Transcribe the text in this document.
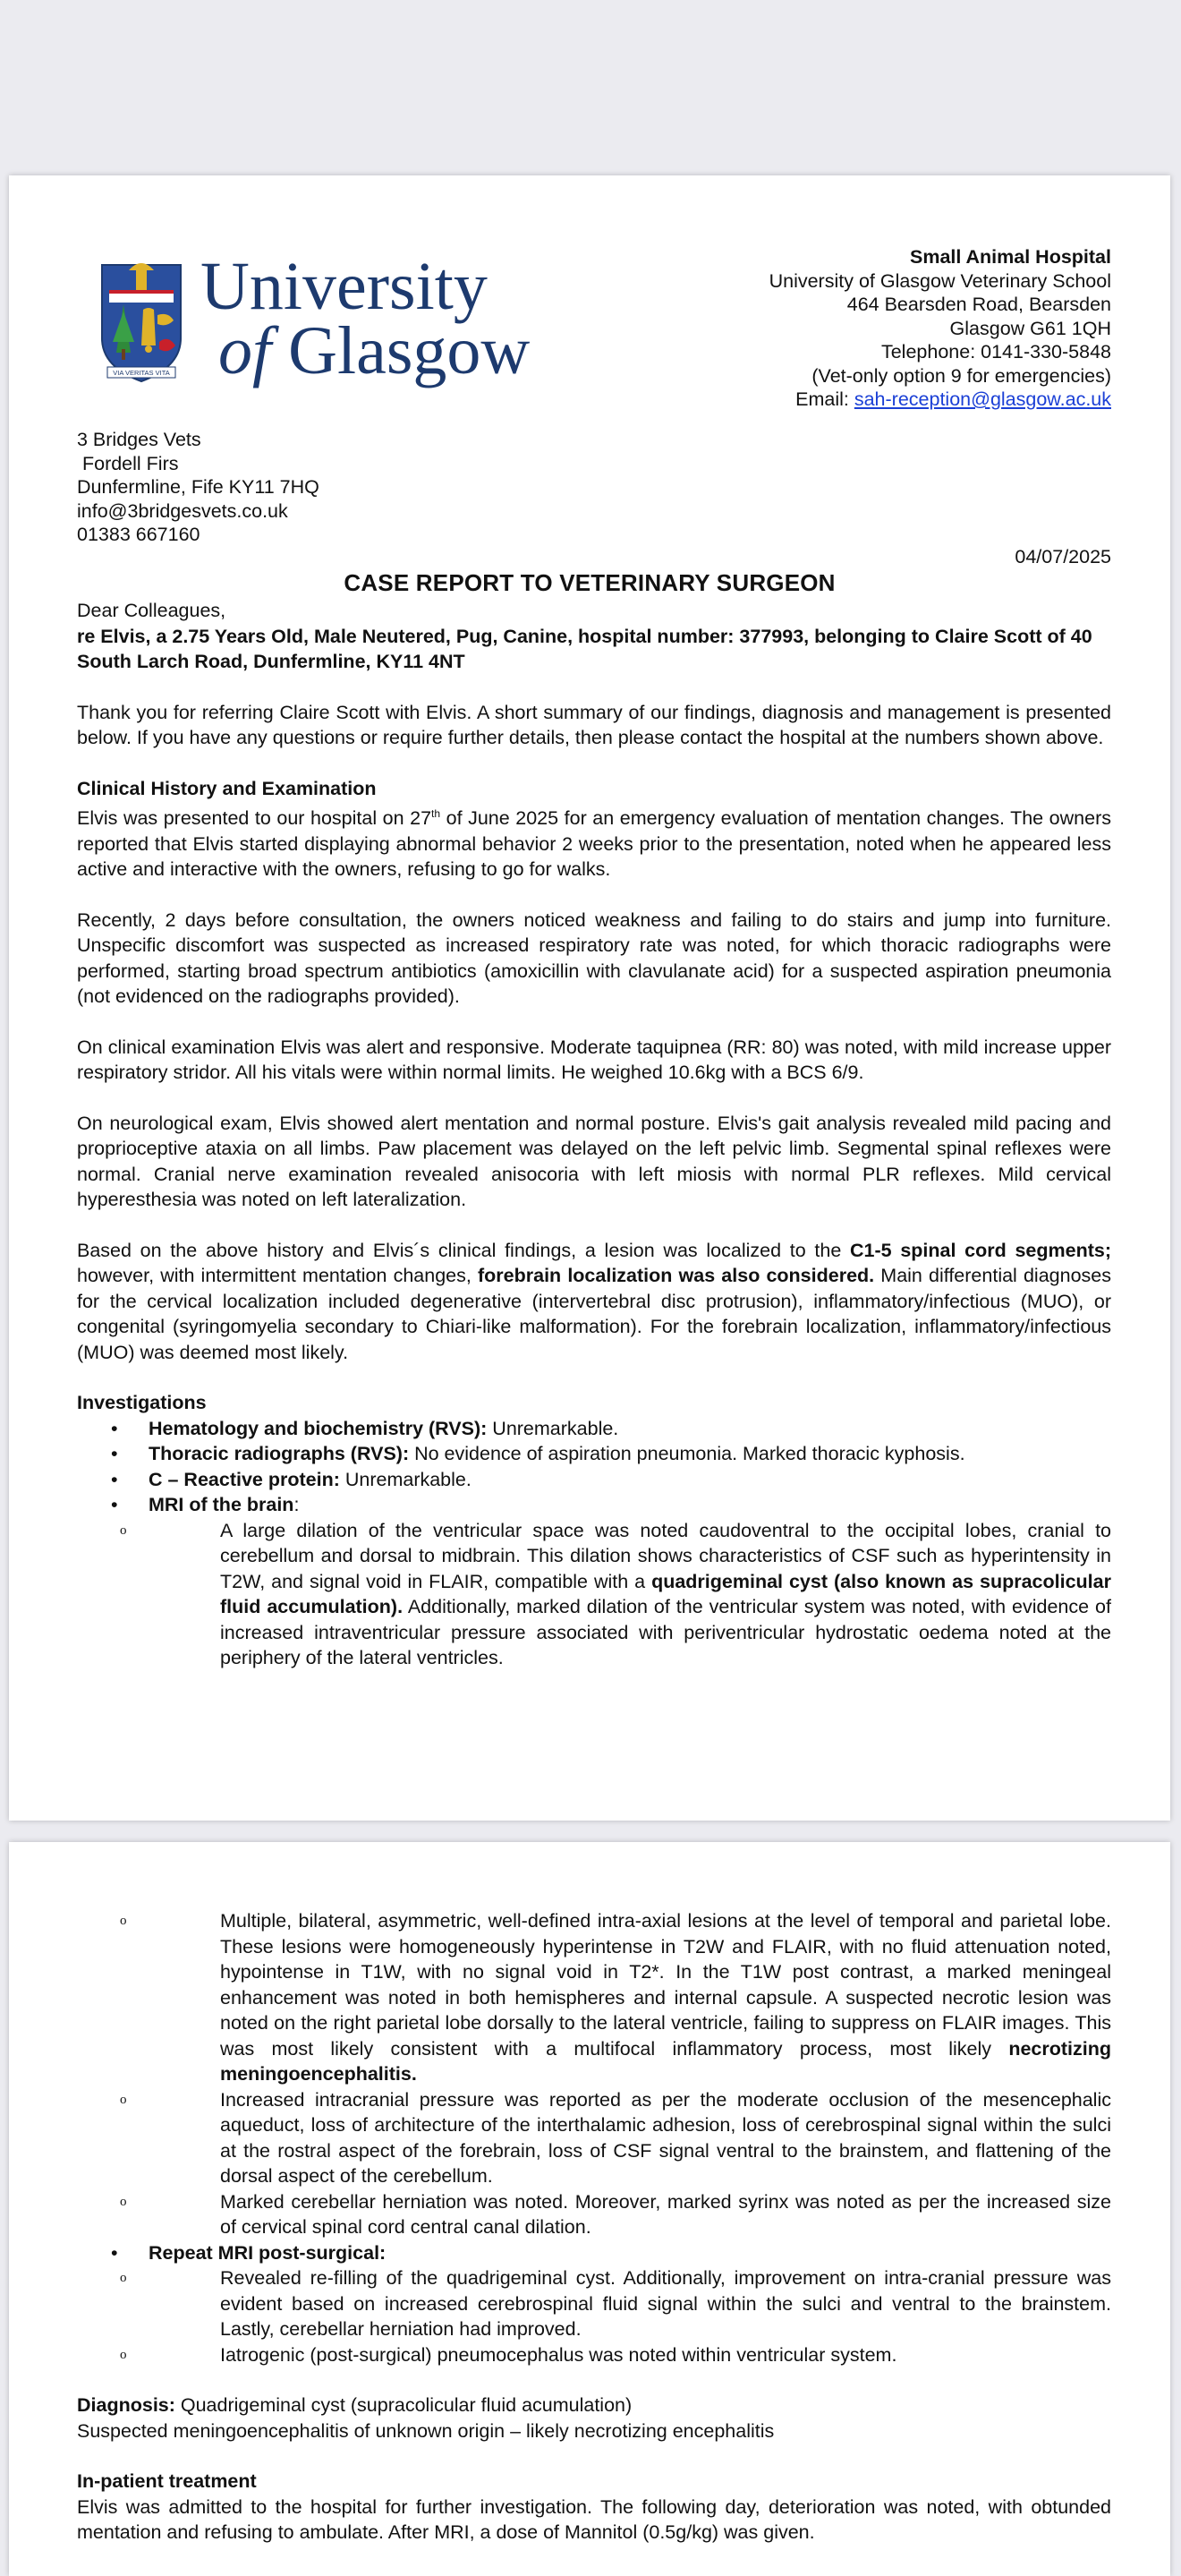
VIA VERITAS VITA
University
of Glasgow
Small Animal Hospital
University of Glasgow Veterinary School
464 Bearsden Road, Bearsden
Glasgow G61 1QH
Telephone: 0141-330-5848
(Vet-only option 9 for emergencies)
Email: sah-reception@glasgow.ac.uk
3 Bridges Vets
Fordell Firs
Dunfermline, Fife KY11 7HQ
info@3bridgesvets.co.uk
01383 667160
04/07/2025
CASE REPORT TO VETERINARY SURGEON

Dear Colleagues,

re Elvis, a 2.75 Years Old, Male Neutered, Pug, Canine, hospital number: 377993, belonging to Claire Scott of 40 South Larch Road, Dunfermline, KY11 4NT

Thank you for referring Claire Scott with Elvis. A short summary of our findings, diagnosis and management is presented below. If you have any questions or require further details, then please contact the hospital at the numbers shown above.

Clinical History and Examination

Elvis was presented to our hospital on 27th of June 2025 for an emergency evaluation of mentation changes. The owners reported that Elvis started displaying abnormal behavior 2 weeks prior to the presentation, noted when he appeared less active and interactive with the owners, refusing to go for walks.

Recently, 2 days before consultation, the owners noticed weakness and failing to do stairs and jump into furniture. Unspecific discomfort was suspected as increased respiratory rate was noted, for which thoracic radiographs were performed, starting broad spectrum antibiotics (amoxicillin with clavulanate acid) for a suspected aspiration pneumonia (not evidenced on the radiographs provided).

On clinical examination Elvis was alert and responsive. Moderate taquipnea (RR: 80) was noted, with mild increase upper respiratory stridor. All his vitals were within normal limits. He weighed 10.6kg with a BCS 6/9.

On neurological exam, Elvis showed alert mentation and normal posture. Elvis's gait analysis revealed mild pacing and proprioceptive ataxia on all limbs. Paw placement was delayed on the left pelvic limb. Segmental spinal reflexes were normal. Cranial nerve examination revealed anisocoria with left miosis with normal PLR reflexes. Mild cervical hyperesthesia was noted on left lateralization.

Based on the above history and Elvis´s clinical findings, a lesion was localized to the C1-5 spinal cord segments; however, with intermittent mentation changes, forebrain localization was also considered. Main differential diagnoses for the cervical localization included degenerative (intervertebral disc protrusion), inflammatory/infectious (MUO), or congenital (syringomyelia secondary to Chiari-like malformation). For the forebrain localization, inflammatory/infectious (MUO) was deemed most likely.

Investigations

• Hematology and biochemistry (RVS): Unremarkable.
• Thoracic radiographs (RVS): No evidence of aspiration pneumonia. Marked thoracic kyphosis.
• C – Reactive protein: Unremarkable.
• MRI of the brain:
o A large dilation of the ventricular space was noted caudoventral to the occipital lobes, cranial to cerebellum and dorsal to midbrain. This dilation shows characteristics of CSF such as hyperintensity in T2W, and signal void in FLAIR, compatible with a quadrigeminal cyst (also known as supracolicular fluid accumulation). Additionally, marked dilation of the ventricular system was noted, with evidence of increased intraventricular pressure associated with periventricular hydrostatic oedema noted at the periphery of the lateral ventricles.
o Multiple, bilateral, asymmetric, well-defined intra-axial lesions at the level of temporal and parietal lobe. These lesions were homogeneously hyperintense in T2W and FLAIR, with no fluid attenuation noted, hypointense in T1W, with no signal void in T2*. In the T1W post contrast, a marked meningeal enhancement was noted in both hemispheres and internal capsule. A suspected necrotic lesion was noted on the right parietal lobe dorsally to the lateral ventricle, failing to suppress on FLAIR images. This was most likely consistent with a multifocal inflammatory process, most likely necrotizing meningoencephalitis.
o Increased intracranial pressure was reported as per the moderate occlusion of the mesencephalic aqueduct, loss of architecture of the interthalamic adhesion, loss of cerebrospinal signal within the sulci at the rostral aspect of the forebrain, loss of CSF signal ventral to the brainstem, and flattening of the dorsal aspect of the cerebellum.
o Marked cerebellar herniation was noted. Moreover, marked syrinx was noted as per the increased size of cervical spinal cord central canal dilation.
• Repeat MRI post-surgical:
o Revealed re-filling of the quadrigeminal cyst. Additionally, improvement on intra-cranial pressure was evident based on increased cerebrospinal fluid signal within the sulci and ventral to the brainstem. Lastly, cerebellar herniation had improved.
o Iatrogenic (post-surgical) pneumocephalus was noted within ventricular system.

Diagnosis: Quadrigeminal cyst (supracolicular fluid acumulation)

Suspected meningoencephalitis of unknown origin – likely necrotizing encephalitis

In-patient treatment

Elvis was admitted to the hospital for further investigation. The following day, deterioration was noted, with obtunded mentation and refusing to ambulate. After MRI, a dose of Mannitol (0.5g/kg) was given.
